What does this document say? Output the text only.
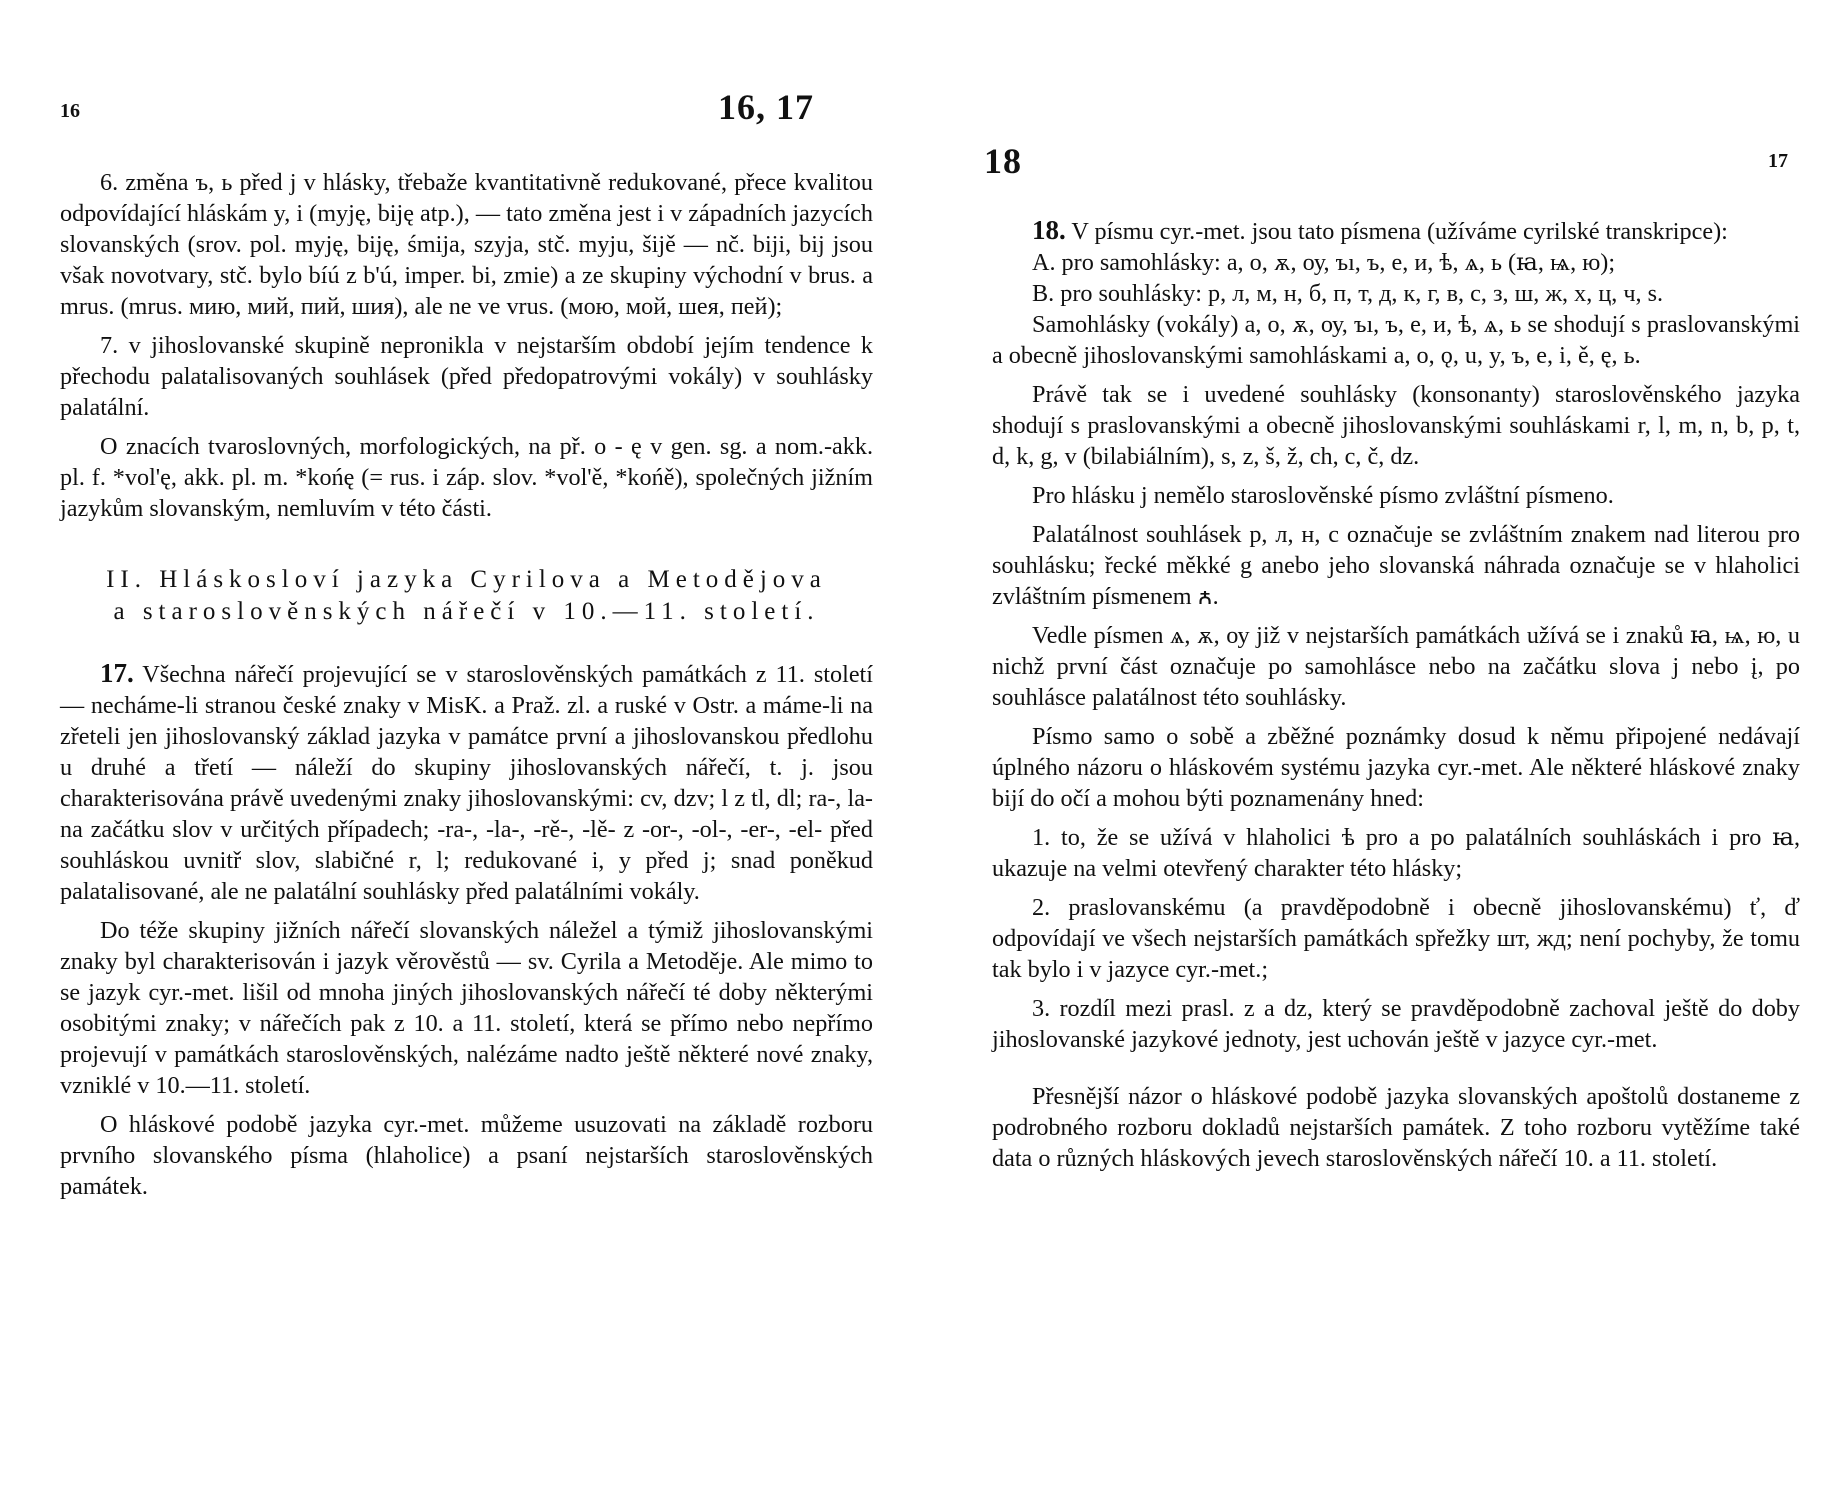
16	16, 17

6. změna ъ, ь před j v hlásky, třebaže kvantitativně redukované, přece kvalitou odpovídající hláskám y, i (myję, biję atp.), — tato změna jest i v západních jazycích slovanských (srov. pol. myję, biję, śmija, szyja, stč. myju, šijě — nč. biji, bij jsou však novotvary, stč. bylo bíú z b'ú, imper. bi, zmie) a ze skupiny východní v brus. a mrus. (mrus. мию, мий, пий, шия), ale ne ve vrus. (мою, мой, шея, пей);

7. v jihoslovanské skupině nepronikla v nejstarším období jejím tendence k přechodu palatalisovaných souhlásek (před předopatrovými vokály) v souhlásky palatální.

O znacích tvaroslovných, morfologických, na př. o - ę v gen. sg. a nom.-akk. pl. f. *vol'ę, akk. pl. m. *końę (= rus. i záp. slov. *vol'ě, *końě), společných jižním jazykům slovanským, nemluvím v této části.

II. Hláskosloví jazyka Cyrilova a Metodějova
a staroslověnských nářečí v 10.—11. století.

17. Všechna nářečí projevující se v staroslověnských památkách z 11. století — necháme-li stranou české znaky v MisK. a Praž. zl. a ruské v Ostr. a máme-li na zřeteli jen jihoslovanský základ jazyka v památce první a jihoslovanskou předlohu u druhé a třetí — náleží do skupiny jihoslovanských nářečí, t. j. jsou charakterisována právě uvedenými znaky jihoslovanskými: cv, dzv; l z tl, dl; ra-, la- na začátku slov v určitých případech; -ra-, -la-, -rě-, -lě- z -or-, -ol-, -er-, -el- před souhláskou uvnitř slov, slabičné r, l; redukované i, y před j; snad poněkud palatalisované, ale ne palatální souhlásky před palatálními vokály.

Do téže skupiny jižních nářečí slovanských náležel a týmiž jihoslovanskými znaky byl charakterisován i jazyk věrověstů — sv. Cyrila a Metoděje. Ale mimo to se jazyk cyr.-met. lišil od mnoha jiných jihoslovanských nářečí té doby některými osobitými znaky; v nářečích pak z 10. a 11. století, která se přímo nebo nepřímo projevují v památkách staroslověnských, nalézáme nadto ještě některé nové znaky, vzniklé v 10.—11. století.

O hláskové podobě jazyka cyr.-met. můžeme usuzovati na základě rozboru prvního slovanského písma (hlaholice) a psaní nejstarších staroslověnských památek.

18	17

18. V písmu cyr.-met. jsou tato písmena (užíváme cyrilské transkripce):

A. pro samohlásky: а, о, ѫ, оу, ъı, ъ, е, и, ѣ, ѧ, ь (ꙗ, ѩ, ю);

B. pro souhlásky: р, л, м, н, б, п, т, д, к, г, в, с, з, ш, ж, х, ц, ч, ѕ.

Samohlásky (vokály) а, о, ѫ, оу, ъı, ъ, е, и, ѣ, ѧ, ь se shodují s praslovanskými a obecně jihoslovanskými samohláskami a, o, ǫ, u, y, ъ, e, i, ě, ę, ь.

Právě tak se i uvedené souhlásky (konsonanty) staroslověnského jazyka shodují s praslovanskými a obecně jihoslovanskými souhláskami r, l, m, n, b, p, t, d, k, g, v (bilabiálním), s, z, š, ž, ch, c, č, dz.

Pro hlásku j nemělo staroslověnské písmo zvláštní písmeno.

Palatálnost souhlásek р, л, н, с označuje se zvláštním znakem nad literou pro souhlásku; řecké měkké g anebo jeho slovanská náhrada označuje se v hlaholici zvláštním písmenem ꙉ.

Vedle písmen ѧ, ѫ, оу již v nejstarších památkách užívá se i znaků ꙗ, ѩ, ю, u nichž první část označuje po samohlásce nebo na začátku slova j nebo į, po souhlásce palatálnost této souhlásky.

Písmo samo o sobě a zběžné poznámky dosud k němu připojené nedávají úplného názoru o hláskovém systému jazyka cyr.-met. Ale některé hláskové znaky bijí do očí a mohou býti poznamenány hned:

1. to, že se užívá v hlaholici ѣ pro а po palatálních souhláskách i pro ꙗ, ukazuje na velmi otevřený charakter této hlásky;

2. praslovanskému (a pravděpodobně i obecně jihoslovanskému) ť, ď odpovídají ve všech nejstarších památkách spřežky шт, жд; není pochyby, že tomu tak bylo i v jazyce cyr.-met.;

3. rozdíl mezi prasl. z a dz, který se pravděpodobně zachoval ještě do doby jihoslovanské jazykové jednoty, jest uchován ještě v jazyce cyr.-met.

Přesnější názor o hláskové podobě jazyka slovanských apoštolů dostaneme z podrobného rozboru dokladů nejstarších památek. Z toho rozboru vytěžíme také data o různých hláskových jevech staroslověnských nářečí 10. a 11. století.
